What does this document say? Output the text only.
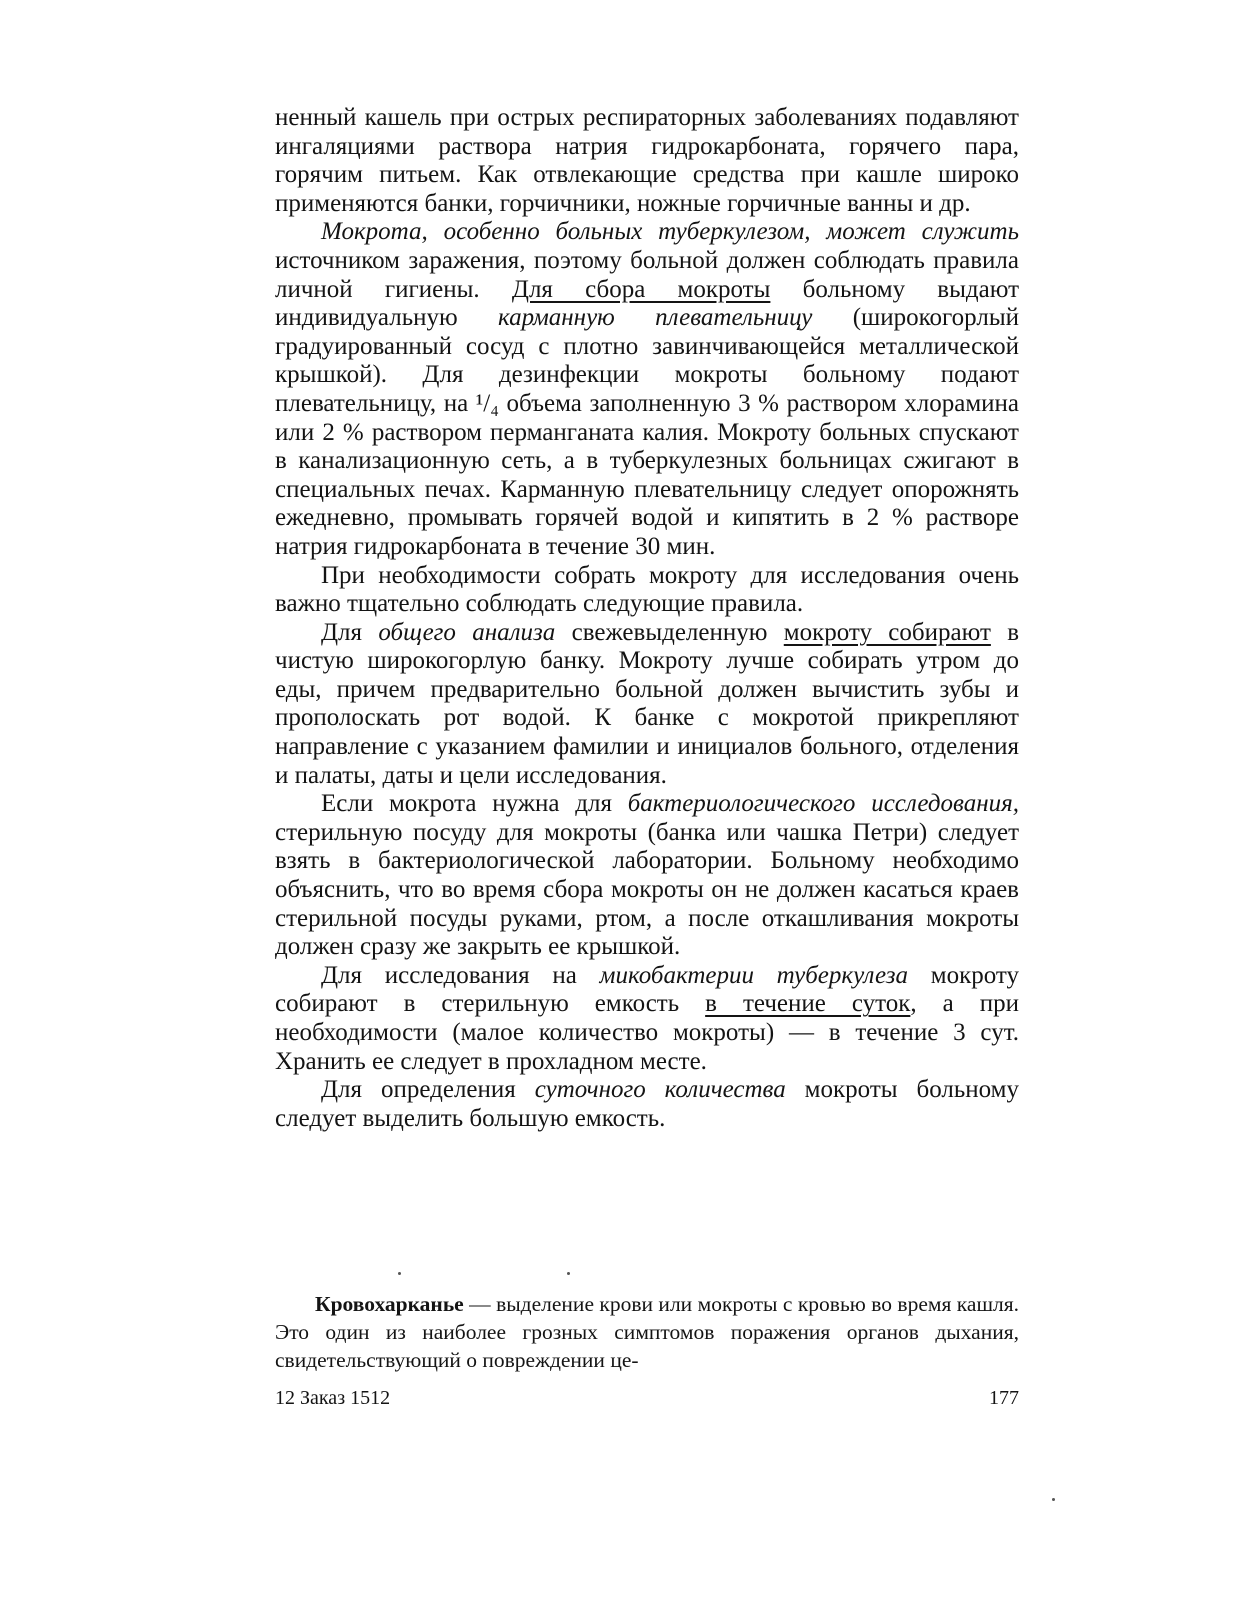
ненный кашель при острых респираторных заболеваниях подавляют ингаляциями раствора натрия гидрокарбоната, горячего пара, горячим питьем. Как отвлекающие средства при кашле широко применяются банки, горчичники, ножные горчичные ванны и др.

Мокрота, особенно больных туберкулезом, может служить источником заражения, поэтому больной должен соблюдать правила личной гигиены. Для сбора мокроты больному выдают индивидуальную карманную плевательницу (широкогорлый градуированный сосуд с плотно завинчивающейся металлической крышкой). Для дезинфекции мокроты больному подают плевательницу, на ¹/₄ объема заполненную 3 % раствором хлорамина или 2 % раствором перманганата калия. Мокроту больных спускают в канализационную сеть, а в туберкулезных больницах сжигают в специальных печах. Карманную плевательницу следует опорожнять ежедневно, промывать горячей водой и кипятить в 2 % растворе натрия гидрокарбоната в течение 30 мин.

При необходимости собрать мокроту для исследования очень важно тщательно соблюдать следующие правила.

Для общего анализа свежевыделенную мокроту собирают в чистую широкогорлую банку. Мокроту лучше собирать утром до еды, причем предварительно больной должен вычистить зубы и прополоскать рот водой. К банке с мокротой прикрепляют направление с указанием фамилии и инициалов больного, отделения и палаты, даты и цели исследования.

Если мокрота нужна для бактериологического исследования, стерильную посуду для мокроты (банка или чашка Петри) следует взять в бактериологической лаборатории. Больному необходимо объяснить, что во время сбора мокроты он не должен касаться краев стерильной посуды руками, ртом, а после откашливания мокроты должен сразу же закрыть ее крышкой.

Для исследования на микобактерии туберкулеза мокроту собирают в стерильную емкость в течение суток, а при необходимости (малое количество мокроты) — в течение 3 сут. Хранить ее следует в прохладном месте.

Для определения суточного количества мокроты больному следует выделить большую емкость.

Кровохарканье — выделение крови или мокроты с кровью во время кашля. Это один из наиболее грозных симптомов поражения органов дыхания, свидетельствующий о повреждении це-

12 Заказ 1512	177
